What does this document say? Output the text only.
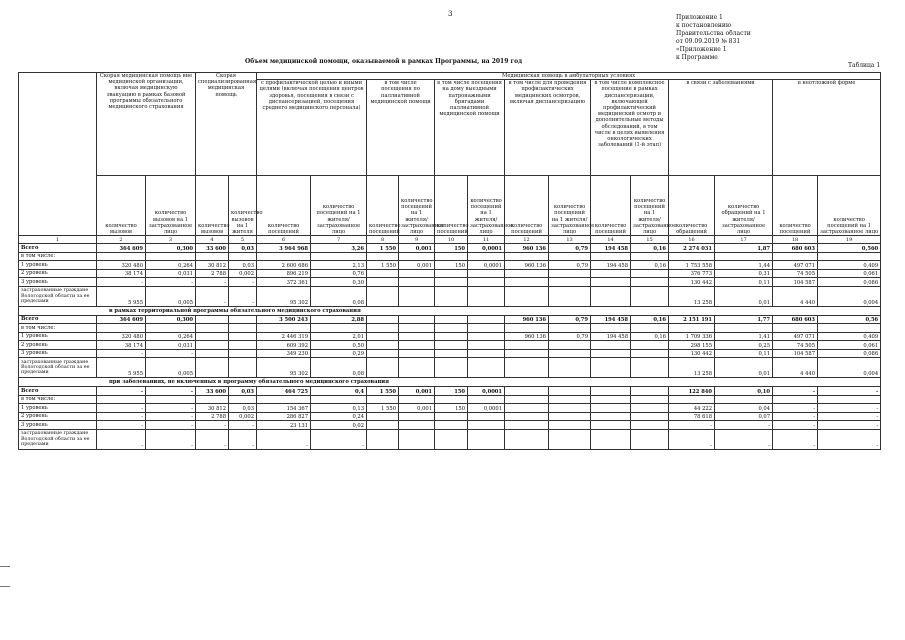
3	Приложение 1
к постановлению
Правительства области
от 09.09.2019 № 831
«Приложение 1
к Программе
Объем медицинской помощи, оказываемой в рамках Программы, на 2019 год
Таблица 1
	Скорая медицинская помощь вне медицинской организации, включая медицинскую эвакуацию в рамках базовой программы обязательного медицинского страхования		Скорая специализированная медицинская помощь		Медицинская помощь в амбулаторных условиях													
					с профилактической целью и иными целями (включая посещения центров здоровья, посещения в связи с диспансеризацией, посещения среднего медицинского персонала)		в том числе посещения по паллиативной медицинской помощи		в том числе посещения на дому выездными патронажными бригадами паллиативной медицинской помощи		в том числе для проведения профилактических медицинских осмотров, включая диспансеризацию		в том числе комплексное посещение в рамках диспансеризации, включающей профилактический медицинский осмотр и дополнительные методы обследований, в том числе в целях выявления онкологических заболеваний (1-й этап)		в связи с заболеваниями		в неотложной форме	
	количество вызовов	количество вызовов на 1 застрахованное лицо	количество вызовов	количество вызовов на 1 жителя	количество посещений	количество посещений на 1 жителя/застрахованное лицо	количество посещений	количество посещений на 1 жителя/застрахованное лицо	количество посещений	количество посещений на 1 жителя/застрахованное лицо	количество посещений	количество посещений на 1 жителя/застрахованное лицо	количество посещений	количество посещений на 1 жителя/застрахованное лицо	количество обращений	количество обращений на 1 жителя/застрахованное лицо	количество посещений	количество посещений на 1 застрахованное лицо
1	2	3	4	5	6	7	8	9	10	11	12	13	14	15	16	17	18	19
Всего	364 609	0,300	33 600	0,03	3 964 968	3,26	1 550	0,001	150	0,0001	960 136	0,79	194 458	0,16	2 274 031	1,87	680 603	0,560
в том числе:																		
1 уровень	320 480	0,264	30 812	0,03	2 600 686	2,13	1 550	0,001	150	0,0001	960 136	0,79	194 458	0,16	1 753 558	1,44	497 071	0,409
2 уровень	38 174	0,031	2 788	0,002	896 219	0,76									376 773	0,31	74 505	0,061
3 уровень	-	-	-	-	372 361	0,30									130 442	0,11	104 587	0,086
застрахованные граждане Вологодской области за ее пределами	5 955	0,005	-	-	95 302	0,08									13 258	0,01	4 440	0,004
в рамках территориальной программы обязательного медицинского страхования																		
Всего	364 609	0,300			3 500 243	2,88					960 136	0,79	194 458	0,16	2 151 191	1,77	680 603	0,56
в том числе:																		
1 уровень	320 480	0,264			2 446 319	2,01					960 136	0,79	194 458	0,16	1 709 336	1,41	497 071	0,409
2 уровень	38 174	0,031			609 392	0,50									298 155	0,25	74 505	0,061
3 уровень	-	-			349 230	0,29									130 442	0,11	104 587	0,086
застрахованные граждане Вологодской области за ее пределами	5 955	0,005			95 302	0,08									13 258	0,01	4 440	0,004
при заболеваниях, не включенных в программу обязательного медицинского страхования																		
Всего	-	-	33 600	0,03	464 725	0,4	1 550	0,001	150	0,0001					122 840	0,10	-	-
в том числе:																		
1 уровень	-	-	30 812	0,03	154 367	0,13	1 550	0,001	150	0,0001					44 222	0,04	-	-
2 уровень	-	-	2 788	0,002	286 827	0,24									78 618	0,07	-	-
3 уровень	-	-	-	-	23 131	0,02									-	-	-	-
застрахованные граждане Вологодской области за ее пределами	-	-	-	-	-	-									-	-	-	-
